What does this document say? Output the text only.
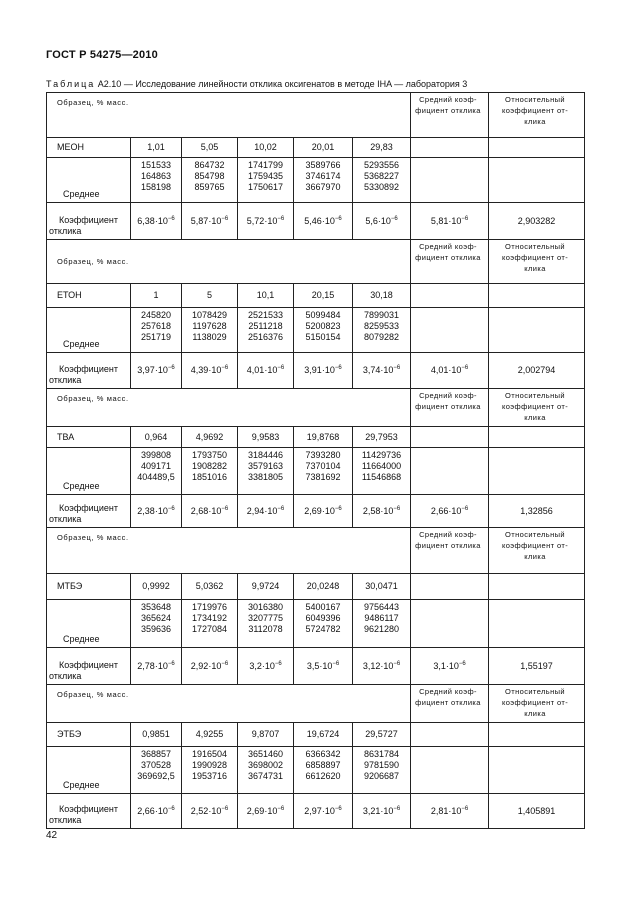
ГОСТ Р 54275—2010
Таблица А2.10 — Исследование линейности отклика оксигенатов в методе IHA — лаборатория 3
Образец, % масс.						Средний коэф-
фициент отклика	Относительный
коэффициент от-
клика

МЕОН	1,01	5,05	10,02	20,01	29,83		
Среднее	151533
164863
158198	864732
854798
859765	1741799
1759435
1750617	3589766
3746174
3667970	5293556
5368227
5330892		

Коэффициент
отклика	$6,38\cdot 10^{-6}$	$5,87\cdot 10^{-6}$	$5,72\cdot 10^{-6}$	$5,46\cdot 10^{-6}$	$5,6\cdot 10^{-6}$	$5,81\cdot 10^{-6}$	2,903282
Образец, % масс.						Средний коэф-
фициент отклика	Относительный
коэффициент от-
клика

ЕТОН	1	5	10,1	20,15	30,18		
Среднее	245820
257618
251719	1078429
1197628
1138029	2521533
2511218
2516376	5099484
5200823
5150154	7899031
8259533
8079282		

Коэффициент
отклика	$3,97\cdot 10^{-6}$	$4,39\cdot 10^{-6}$	$4,01\cdot 10^{-6}$	$3,91\cdot 10^{-6}$	$3,74\cdot 10^{-6}$	$4,01\cdot 10^{-6}$	2,002794
Образец, % масс.						Средний коэф-
фициент отклика	Относительный
коэффициент от-
клика

ТВА	0,964	4,9692	9,9583	19,8768	29,7953		
Среднее	399808
409171
404489,5	1793750
1908282
1851016	3184446
3579163
3381805	7393280
7370104
7381692	11429736
11664000
11546868		

Коэффициент
отклика	$2,38\cdot 10^{-6}$	$2,68\cdot 10^{-6}$	$2,94\cdot 10^{-6}$	$2,69\cdot 10^{-6}$	$2,58\cdot 10^{-6}$	$2,66\cdot 10^{-6}$	1,32856
Образец, % масс.						Средний коэф-
фициент отклика	Относительный
коэффициент от-
клика

МТБЭ	0,9992	5,0362	9,9724	20,0248	30,0471		
Среднее	353648
365624
359636	1719976
1734192
1727084	3016380
3207775
3112078	5400167
6049396
5724782	9756443
9486117
9621280		

Коэффициент
отклика	$2,78\cdot 10^{-6}$	$2,92\cdot 10^{-6}$	$3,2\cdot 10^{-6}$	$3,5\cdot 10^{-6}$	$3,12\cdot 10^{-6}$	$3,1\cdot 10^{-6}$	1,55197
Образец, % масс.						Средний коэф-
фициент отклика	Относительный
коэффициент от-
клика

ЭТБЭ	0,9851	4,9255	9,8707	19,6724	29,5727		
Среднее	368857
370528
369692,5	1916504
1990928
1953716	3651460
3698002
3674731	6366342
6858897
6612620	8631784
9781590
9206687		

Коэффициент
отклика	$2,66\cdot 10^{-6}$	$2,52\cdot 10^{-6}$	$2,69\cdot 10^{-6}$	$2,97\cdot 10^{-6}$	$3,21\cdot 10^{-6}$	$2,81\cdot 10^{-6}$	1,405891
42
